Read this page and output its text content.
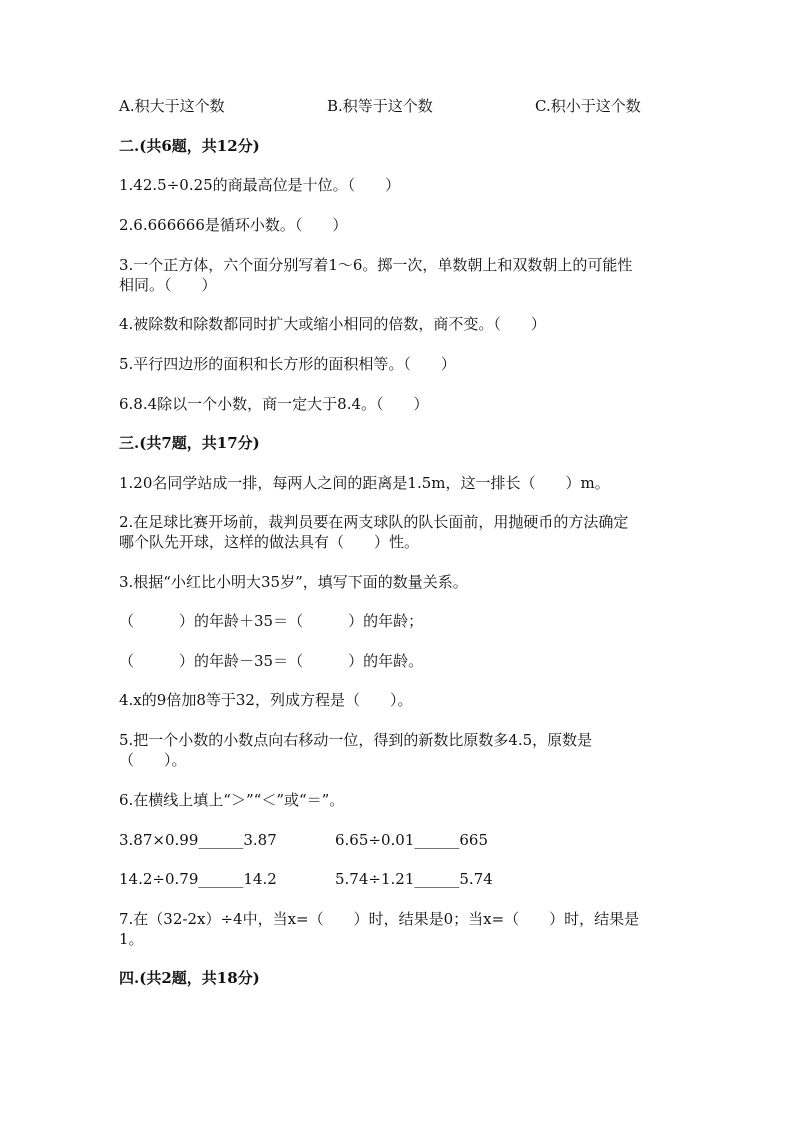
A.积大于这个数	B.积等于这个数	C.积小于这个数
二.(共6题，共12分)
1.42.5÷0.25的商最高位是十位。（　　）
2.6.666666是循环小数。（　　）
3.一个正方体，六个面分别写着1～6。掷一次，单数朝上和双数朝上的可能性
相同。（　　）
4.被除数和除数都同时扩大或缩小相同的倍数，商不变。（　　）
5.平行四边形的面积和长方形的面积相等。（　　）
6.8.4除以一个小数，商一定大于8.4。（　　）
三.(共7题，共17分)
1.20名同学站成一排，每两人之间的距离是1.5m，这一排长（　　）m。
2.在足球比赛开场前，裁判员要在两支球队的队长面前，用抛硬币的方法确定
哪个队先开球，这样的做法具有（　　）性。
3.根据“小红比小明大35岁”，填写下面的数量关系。
（　　　）的年龄＋35＝（　　　）的年龄；
（　　　）的年龄－35＝（　　　）的年龄。
4.x的9倍加8等于32，列成方程是（　　）。
5.把一个小数的小数点向右移动一位，得到的新数比原数多4.5，原数是
（　　）。
6.在横线上填上“＞”“＜”或“＝”。
3.87×0.99______3.87	6.65÷0.01______665
14.2÷0.79______14.2	5.74÷1.21______5.74
7.在（32-2x）÷4中，当x=（　　）时，结果是0；当x=（　　）时，结果是
1。
四.(共2题，共18分)
